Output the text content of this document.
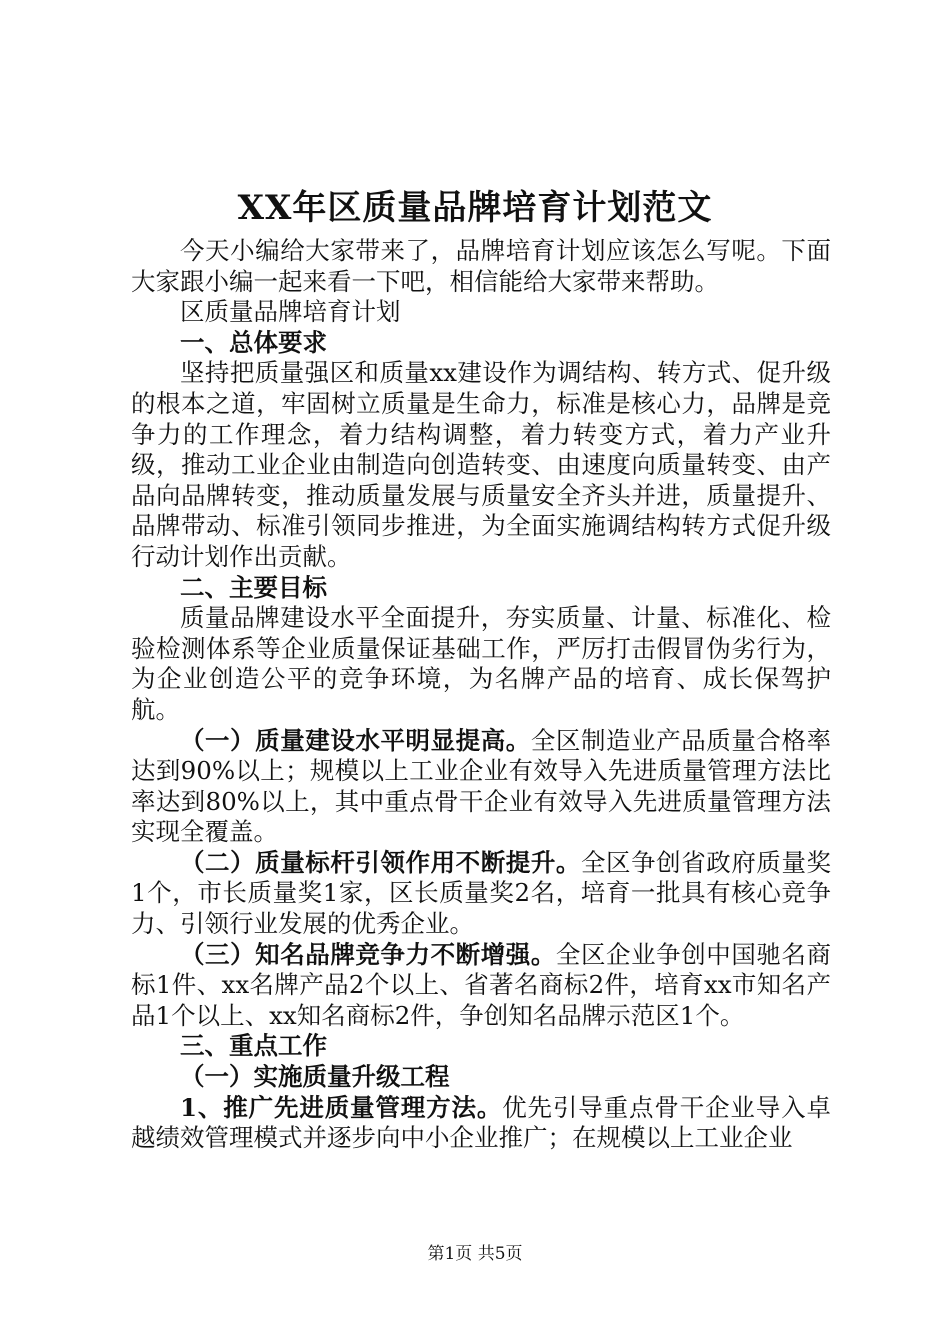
XX年区质量品牌培育计划范文

今天小编给大家带来了，品牌培育计划应该怎么写呢。下面大家跟小编一起来看一下吧，相信能给大家带来帮助。

区质量品牌培育计划

一、总体要求

坚持把质量强区和质量xx建设作为调结构、转方式、促升级的根本之道，牢固树立质量是生命力，标准是核心力，品牌是竞争力的工作理念，着力结构调整，着力转变方式，着力产业升级，推动工业企业由制造向创造转变、由速度向质量转变、由产品向品牌转变，推动质量发展与质量安全齐头并进，质量提升、品牌带动、标准引领同步推进，为全面实施调结构转方式促升级行动计划作出贡献。

二、主要目标

质量品牌建设水平全面提升，夯实质量、计量、标准化、检验检测体系等企业质量保证基础工作，严厉打击假冒伪劣行为，为企业创造公平的竞争环境，为名牌产品的培育、成长保驾护航。

（一）质量建设水平明显提高。全区制造业产品质量合格率达到90%以上；规模以上工业企业有效导入先进质量管理方法比率达到80%以上，其中重点骨干企业有效导入先进质量管理方法实现全覆盖。

（二）质量标杆引领作用不断提升。全区争创省政府质量奖1个，市长质量奖1家，区长质量奖2名，培育一批具有核心竞争力、引领行业发展的优秀企业。

（三）知名品牌竞争力不断增强。全区企业争创中国驰名商标1件、xx名牌产品2个以上、省著名商标2件，培育xx市知名产品1个以上、xx知名商标2件，争创知名品牌示范区1个。

三、重点工作

（一）实施质量升级工程

1、推广先进质量管理方法。优先引导重点骨干企业导入卓越绩效管理模式并逐步向中小企业推广；在规模以上工业企业

第1页 共5页
